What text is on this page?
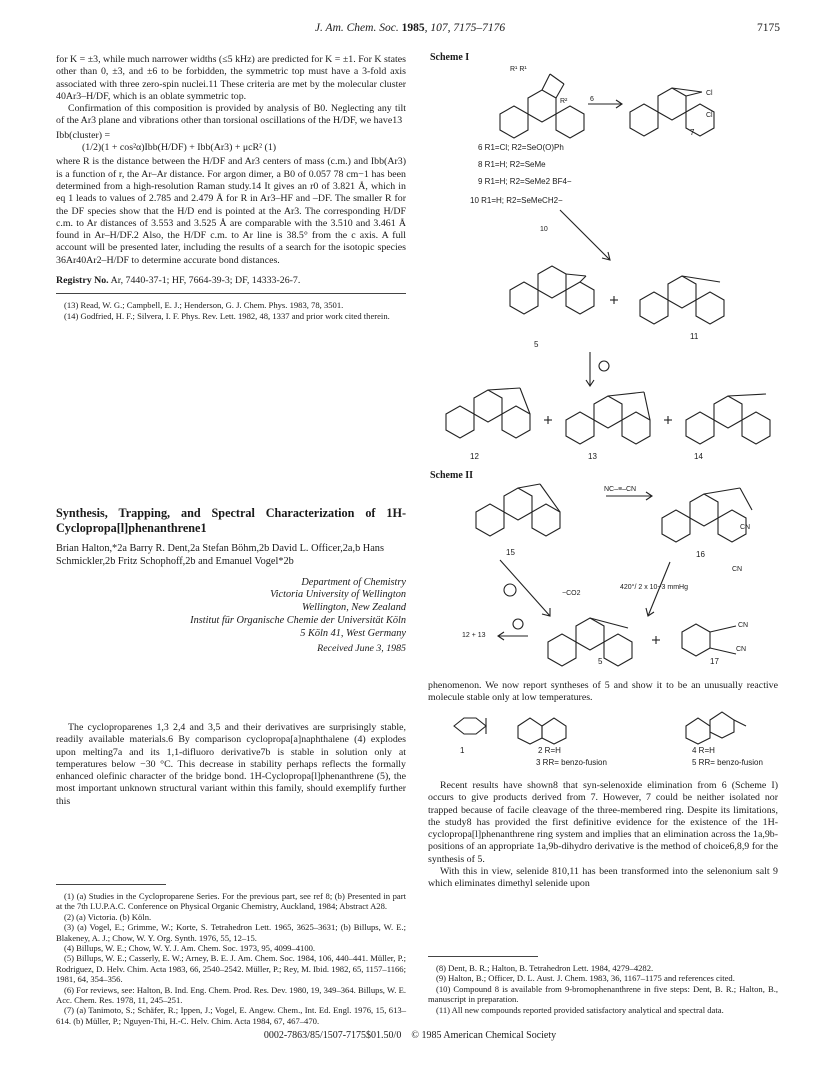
J. Am. Chem. Soc. 1985, 107, 7175–7176	7175

for K = ±3, while much narrower widths (≤5 kHz) are predicted for K = ±1. For K states other than 0, ±3, and ±6 to be forbidden, the symmetric top must have a 3-fold axis associated with three zero-spin nuclei.11 These criteria are met by the molecular cluster 40Ar3–H/DF, which is an oblate symmetric top.

Confirmation of this composition is provided by analysis of B0. Neglecting any tilt of the Ar3 plane and vibrations other than torsional oscillations of the H/DF, we have13

Ibb(cluster) =
(1/2)(1 + cos²α)Ibb(H/DF) + Ibb(Ar3) + μcR² (1)

where R is the distance between the H/DF and Ar3 centers of mass (c.m.) and Ibb(Ar3) is a function of r, the Ar–Ar distance. For argon dimer, a B0 of 0.057 78 cm−1 has been determined from a high-resolution Raman study.14 It gives an r0 of 3.821 Å, which in eq 1 leads to values of 2.785 and 2.479 Å for R in Ar3–HF and –DF. The smaller R for the DF species show that the H/D end is pointed at the Ar3. The corresponding H/DF c.m. to Ar distances of 3.553 and 3.525 Å are comparable with the 3.510 and 3.461 Å found in Ar–H/DF.2 Also, the H/DF c.m. to Ar line is 38.5° from the c axis. A full account will be presented later, including the results of a search for the isotopic species 36Ar40Ar2–H/DF to determine accurate bond distances.

Registry No. Ar, 7440-37-1; HF, 7664-39-3; DF, 14333-26-7.
(13) Read, W. G.; Campbell, E. J.; Henderson, G. J. Chem. Phys. 1983, 78, 3501.
(14) Godfried, H. F.; Silvera, I. F. Phys. Rev. Lett. 1982, 48, 1337 and prior work cited therein.
Synthesis, Trapping, and Spectral Characterization of 1H-Cyclopropa[l]phenanthrene1
Brian Halton,*2a Barry R. Dent,2a Stefan Böhm,2b David L. Officer,2a,b Hans Schmickler,2b Fritz Schophoff,2b and Emanuel Vogel*2b
Department of Chemistry
Victoria University of Wellington
Wellington, New Zealand
Institut für Organische Chemie der Universität Köln
5 Köln 41, West Germany
Received June 3, 1985

The cycloproparenes 1,3 2,4 and 3,5 and their derivatives are surprisingly stable, readily available materials.6 By comparison cyclopropa[a]naphthalene (4) explodes upon melting7a and its 1,1-difluoro derivative7b is stable in solution only at temperatures below −30 °C. This decrease in stability perhaps reflects the formally enhanced olefinic character of the bridge bond. 1H-Cyclopropa[l]phenanthrene (5), the most important unknown structural variant within this family, should exemplify further this

(1) (a) Studies in the Cycloproparene Series. For the previous part, see ref 8; (b) Presented in part at the 7th I.U.P.A.C. Conference on Physical Organic Chemistry, Auckland, 1984; Abstract A28.
(2) (a) Victoria. (b) Köln.
(3) (a) Vogel, E.; Grimme, W.; Korte, S. Tetrahedron Lett. 1965, 3625–3631; (b) Billups, W. E.; Blakeney, A. J.; Chow, W. Y. Org. Synth. 1976, 55, 12–15.
(4) Billups, W. E.; Chow, W. Y. J. Am. Chem. Soc. 1973, 95, 4099–4100.
(5) Billups, W. E.; Casserly, E. W.; Arney, B. E. J. Am. Chem. Soc. 1984, 106, 440–441. Müller, P.; Rodriguez, D. Helv. Chim. Acta 1983, 66, 2540–2542. Müller, P.; Rey, M. Ibid. 1982, 65, 1157–1166; 1981, 64, 354–356.
(6) For reviews, see: Halton, B. Ind. Eng. Chem. Prod. Res. Dev. 1980, 19, 349–364. Billups, W. E. Acc. Chem. Res. 1978, 11, 245–251.
(7) (a) Tanimoto, S.; Schäfer, R.; Ippen, J.; Vogel, E. Angew. Chem., Int. Ed. Engl. 1976, 15, 613–614. (b) Müller, P.; Nguyen-Thi, H.-C. Helv. Chim. Acta 1984, 67, 467–470.
Scheme I
R¹ R¹
R²	6
Cl
Cl
7
6 R1=Cl; R2=SeO(O)Ph
8 R1=H; R2=SeMe
9 R1=H; R2=SeMe2 BF4−
10 R1=H; R2=SeMeCH2−
10
5
11
12	13	14
Scheme II
NC–≡–CN
15	16
CN
CN
−CO2
420°/ 2 x 10−3 mmHg
12 + 13
CN
CN
5	17

phenomenon. We now report syntheses of 5 and show it to be an unusually reactive molecule stable only at low temperatures.

1	2 R=H
3 RR= benzo-fusion
4 R=H
5 RR= benzo-fusion

Recent results have shown8 that syn-selenoxide elimination from 6 (Scheme I) occurs to give products derived from 7. However, 7 could be neither isolated nor trapped because of facile cleavage of the three-membered ring. Despite its limitations, the study8 has provided the first definitive evidence for the existence of the 1H-cyclopropa[l]phenanthrene ring system and implies that an elimination across the 1a,9b-positions of an appropriate 1a,9b-dihydro derivative is the method of choice6,8,9 for the synthesis of 5.

With this in view, selenide 810,11 has been transformed into the selenonium salt 9 which eliminates dimethyl selenide upon

(8) Dent, B. R.; Halton, B. Tetrahedron Lett. 1984, 4279–4282.
(9) Halton, B.; Officer, D. L. Aust. J. Chem. 1983, 36, 1167–1175 and references cited.
(10) Compound 8 is available from 9-bromophenanthrene in five steps: Dent, B. R.; Halton, B., manuscript in preparation.
(11) All new compounds reported provided satisfactory analytical and spectral data.
0002-7863/85/1507-7175$01.50/0 © 1985 American Chemical Society
